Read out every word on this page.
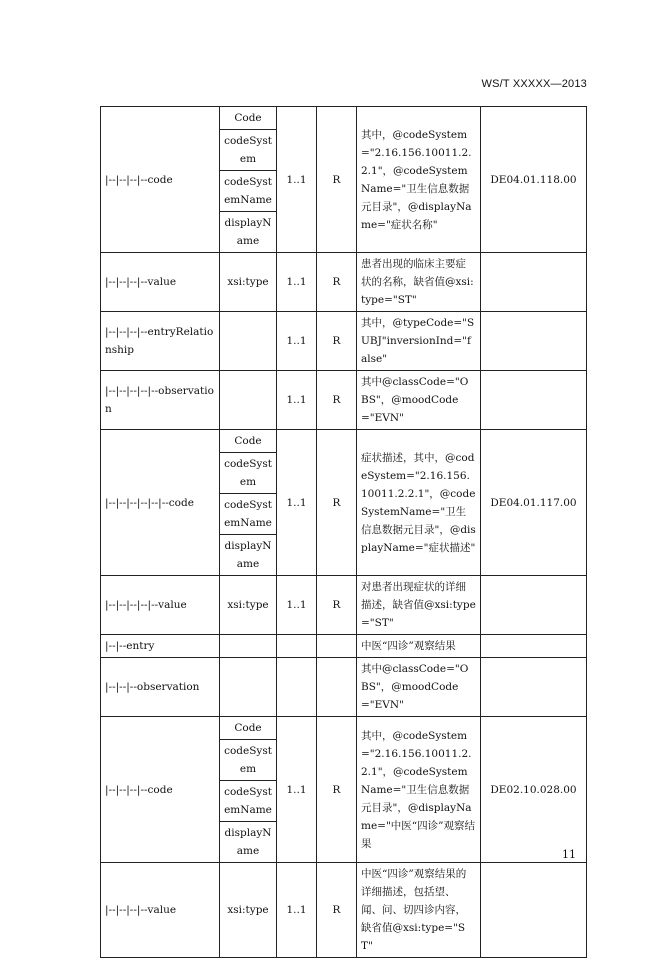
WS/T XXXXX—2013
|--|--|--|--code	Code	1..1	R	其中，@codeSystem="2.16.156.10011.2.2.1"，@codeSystemName="卫生信息数据元目录"，@displayName="症状名称"	DE04.01.118.00
	codeSystem				
	codeSystemName				
	displayName				
|--|--|--|--value	xsi:type	1..1	R	患者出现的临床主要症状的名称，缺省值@xsi:type="ST"	
|--|--|--|--entryRelationship		1..1	R	其中，@typeCode="SUBJ"inversionInd="false"	
|--|--|--|--|--observation		1..1	R	其中@classCode="OBS"，@moodCode="EVN"	
|--|--|--|--|--|--code	Code	1..1	R	症状描述，其中，@codeSystem="2.16.156.10011.2.2.1"，@codeSystemName="卫生信息数据元目录"，@displayName="症状描述"	DE04.01.117.00
	codeSystem				
	codeSystemName				
	displayName				
|--|--|--|--|--value	xsi:type	1..1	R	对患者出现症状的详细描述，缺省值@xsi:type="ST"	
|--|--entry				中医“四诊”观察结果	
|--|--|--observation				其中@classCode="OBS"，@moodCode="EVN"	
|--|--|--|--code	Code	1..1	R	其中，@codeSystem="2.16.156.10011.2.2.1"，@codeSystemName="卫生信息数据元目录"，@displayName="中医“四诊”观察结果	DE02.10.028.00
	codeSystem				
	codeSystemName				
	displayName				
|--|--|--|--value	xsi:type	1..1	R	中医“四诊”观察结果的详细描述，包括望、闻、问、切四诊内容，缺省值@xsi:type="ST"	
11
